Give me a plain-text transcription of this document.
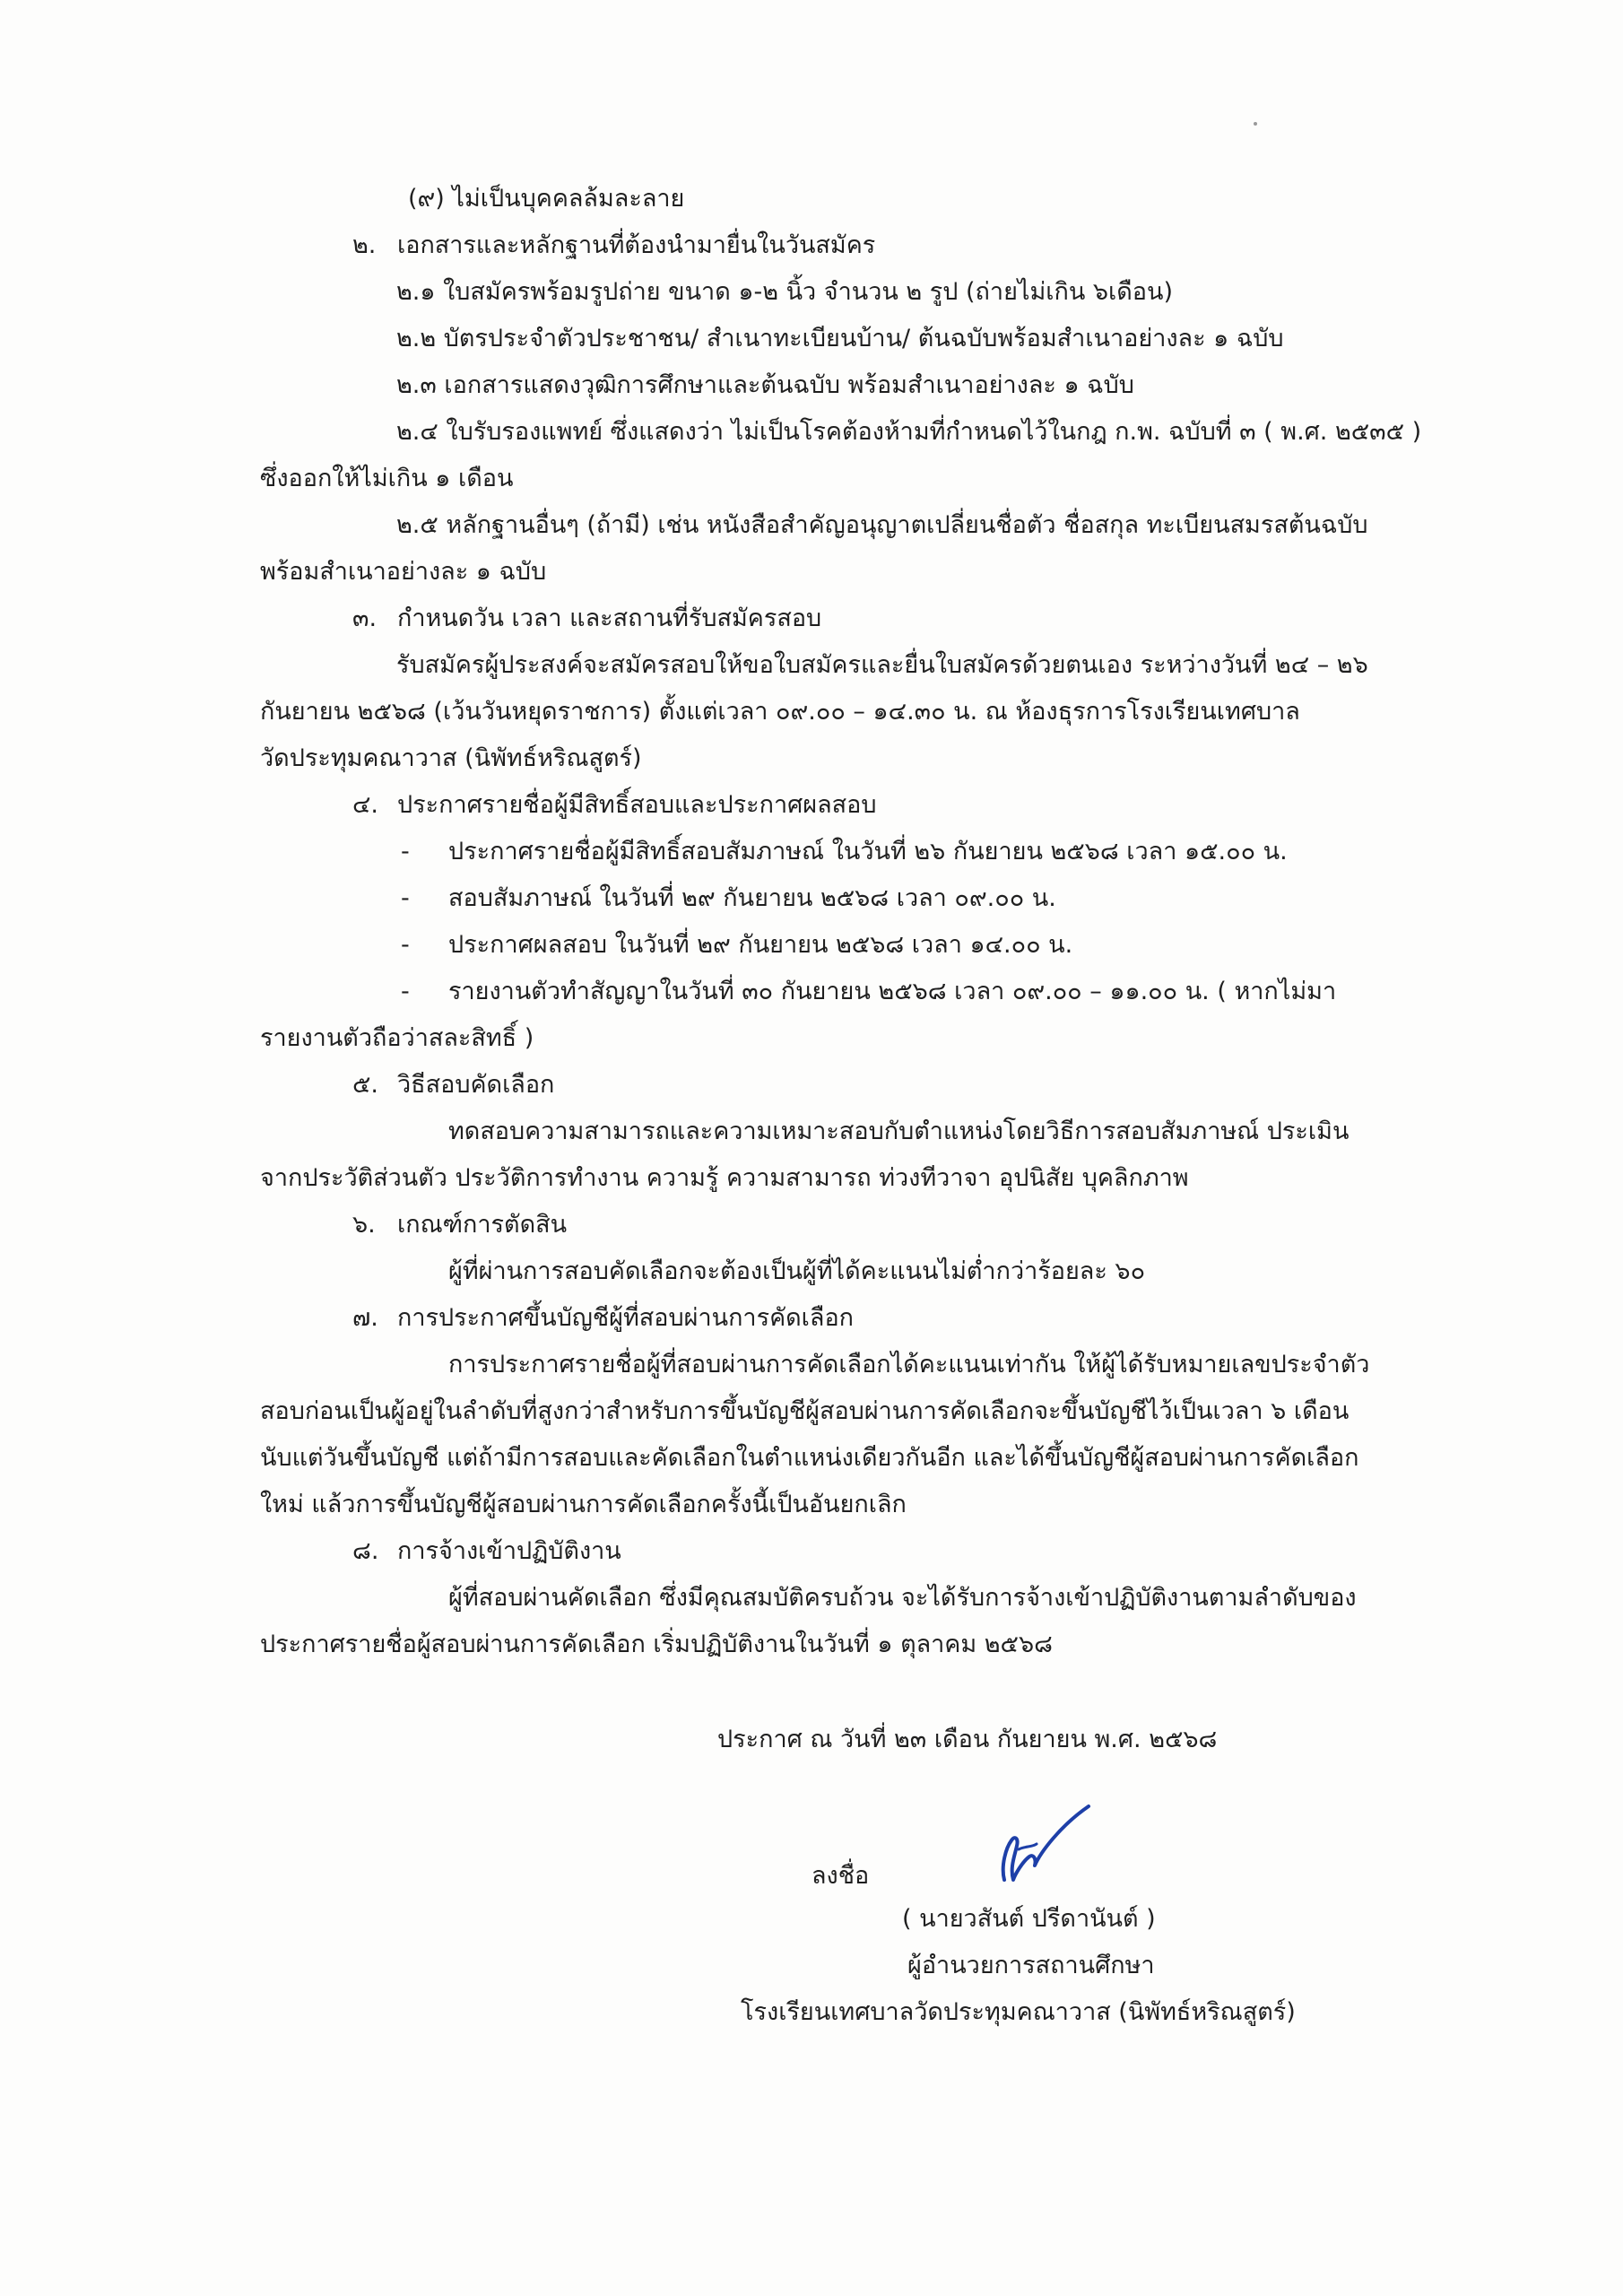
(๙) ไม่เป็นบุคคลล้มละลาย
๒. เอกสารและหลักฐานที่ต้องนำมายื่นในวันสมัคร
๒.๑ ใบสมัครพร้อมรูปถ่าย ขนาด ๑-๒ นิ้ว จำนวน ๒ รูป (ถ่ายไม่เกิน ๖เดือน)
๒.๒ บัตรประจำตัวประชาชน/ สำเนาทะเบียนบ้าน/ ต้นฉบับพร้อมสำเนาอย่างละ ๑ ฉบับ
๒.๓ เอกสารแสดงวุฒิการศึกษาและต้นฉบับ พร้อมสำเนาอย่างละ ๑ ฉบับ
๒.๔ ใบรับรองแพทย์ ซึ่งแสดงว่า ไม่เป็นโรคต้องห้ามที่กำหนดไว้ในกฎ ก.พ. ฉบับที่ ๓ ( พ.ศ. ๒๕๓๕ )
ซึ่งออกให้ไม่เกิน ๑ เดือน
๒.๕ หลักฐานอื่นๆ (ถ้ามี) เช่น หนังสือสำคัญอนุญาตเปลี่ยนชื่อตัว ชื่อสกุล ทะเบียนสมรสต้นฉบับ
พร้อมสำเนาอย่างละ ๑ ฉบับ
๓. กำหนดวัน เวลา และสถานที่รับสมัครสอบ
รับสมัครผู้ประสงค์จะสมัครสอบให้ขอใบสมัครและยื่นใบสมัครด้วยตนเอง ระหว่างวันที่ ๒๔ – ๒๖
กันยายน ๒๕๖๘ (เว้นวันหยุดราชการ) ตั้งแต่เวลา ๐๙.๐๐ – ๑๔.๓๐ น. ณ ห้องธุรการโรงเรียนเทศบาล
วัดประทุมคณาวาส (นิพัทธ์หริณสูตร์)
๔. ประกาศรายชื่อผู้มีสิทธิ์สอบและประกาศผลสอบ
- ประกาศรายชื่อผู้มีสิทธิ์สอบสัมภาษณ์ ในวันที่ ๒๖ กันยายน ๒๕๖๘ เวลา ๑๕.๐๐ น.
- สอบสัมภาษณ์ ในวันที่ ๒๙ กันยายน ๒๕๖๘ เวลา ๐๙.๐๐ น.
- ประกาศผลสอบ ในวันที่ ๒๙ กันยายน ๒๕๖๘ เวลา ๑๔.๐๐ น.
- รายงานตัวทำสัญญาในวันที่ ๓๐ กันยายน ๒๕๖๘ เวลา ๐๙.๐๐ – ๑๑.๐๐ น. ( หากไม่มา
รายงานตัวถือว่าสละสิทธิ์ )
๕. วิธีสอบคัดเลือก
ทดสอบความสามารถและความเหมาะสอบกับตำแหน่งโดยวิธีการสอบสัมภาษณ์ ประเมิน
จากประวัติส่วนตัว ประวัติการทำงาน ความรู้ ความสามารถ ท่วงทีวาจา อุปนิสัย บุคลิกภาพ
๖. เกณฑ์การตัดสิน
ผู้ที่ผ่านการสอบคัดเลือกจะต้องเป็นผู้ที่ได้คะแนนไม่ต่ำกว่าร้อยละ ๖๐
๗. การประกาศขึ้นบัญชีผู้ที่สอบผ่านการคัดเลือก
การประกาศรายชื่อผู้ที่สอบผ่านการคัดเลือกได้คะแนนเท่ากัน ให้ผู้ได้รับหมายเลขประจำตัว
สอบก่อนเป็นผู้อยู่ในลำดับที่สูงกว่าสำหรับการขึ้นบัญชีผู้สอบผ่านการคัดเลือกจะขึ้นบัญชีไว้เป็นเวลา ๖ เดือน
นับแต่วันขึ้นบัญชี แต่ถ้ามีการสอบและคัดเลือกในตำแหน่งเดียวกันอีก และได้ขึ้นบัญชีผู้สอบผ่านการคัดเลือก
ใหม่ แล้วการขึ้นบัญชีผู้สอบผ่านการคัดเลือกครั้งนี้เป็นอันยกเลิก
๘. การจ้างเข้าปฏิบัติงาน
ผู้ที่สอบผ่านคัดเลือก ซึ่งมีคุณสมบัติครบถ้วน จะได้รับการจ้างเข้าปฏิบัติงานตามลำดับของ
ประกาศรายชื่อผู้สอบผ่านการคัดเลือก เริ่มปฏิบัติงานในวันที่ ๑ ตุลาคม ๒๕๖๘
ประกาศ ณ วันที่ ๒๓ เดือน กันยายน พ.ศ. ๒๕๖๘
ลงชื่อ
( นายวสันต์ ปรีดานันต์ )
ผู้อำนวยการสถานศึกษา
โรงเรียนเทศบาลวัดประทุมคณาวาส (นิพัทธ์หริณสูตร์)
